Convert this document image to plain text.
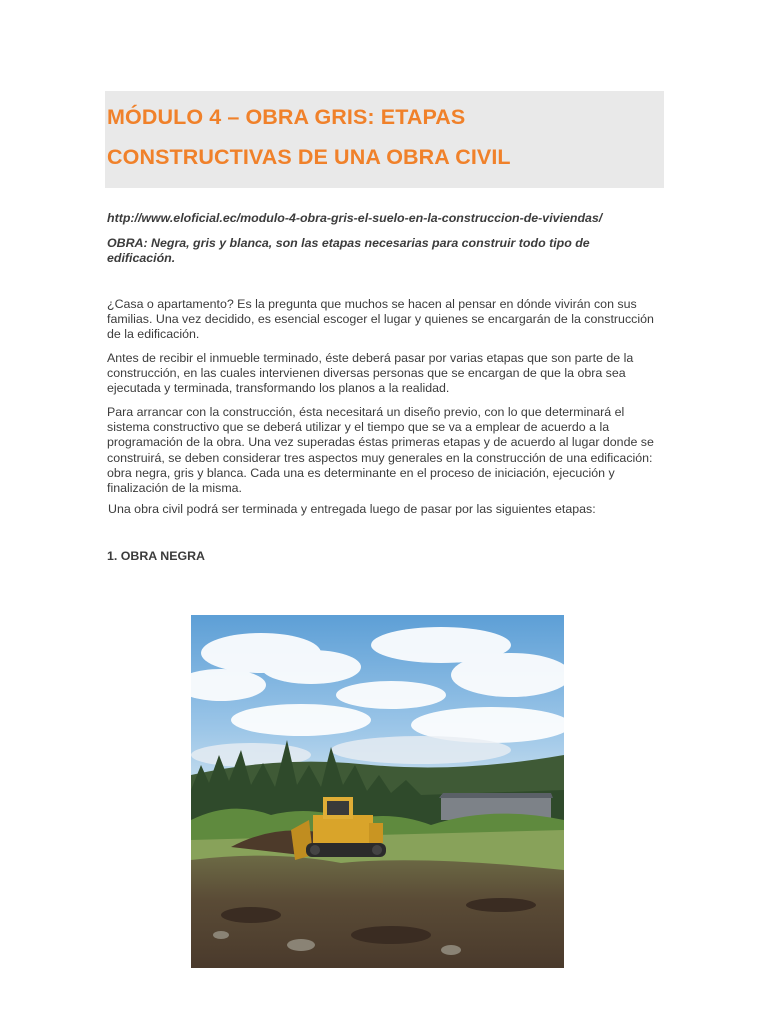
MÓDULO 4 – OBRA GRIS: ETAPAS
CONSTRUCTIVAS DE UNA OBRA CIVIL
http://www.eloficial.ec/modulo-4-obra-gris-el-suelo-en-la-construccion-de-viviendas/

OBRA: Negra, gris y blanca, son las etapas necesarias para construir todo tipo de edificación.

¿Casa o apartamento? Es la pregunta que muchos se hacen al pensar en dónde vivirán con sus familias. Una vez decidido, es esencial escoger el lugar y quienes se encargarán de la construcción de la edificación.

Antes de recibir el inmueble terminado, éste deberá pasar por varias etapas que son parte de la construcción, en las cuales intervienen diversas personas que se encargan de que la obra sea ejecutada y terminada, transformando los planos a la realidad.

Para arrancar con la construcción, ésta necesitará un diseño previo, con lo que determinará el sistema constructivo que se deberá utilizar y el tiempo que se va a emplear de acuerdo a la programación de la obra. Una vez superadas éstas primeras etapas y de acuerdo al lugar donde se construirá, se deben considerar tres aspectos muy generales en la construcción de una edificación: obra negra, gris y blanca. Cada una es determinante en el proceso de iniciación, ejecución y finalización de la misma.

Una obra civil podrá ser terminada y entregada luego de pasar por las siguientes etapas:

1. OBRA NEGRA
